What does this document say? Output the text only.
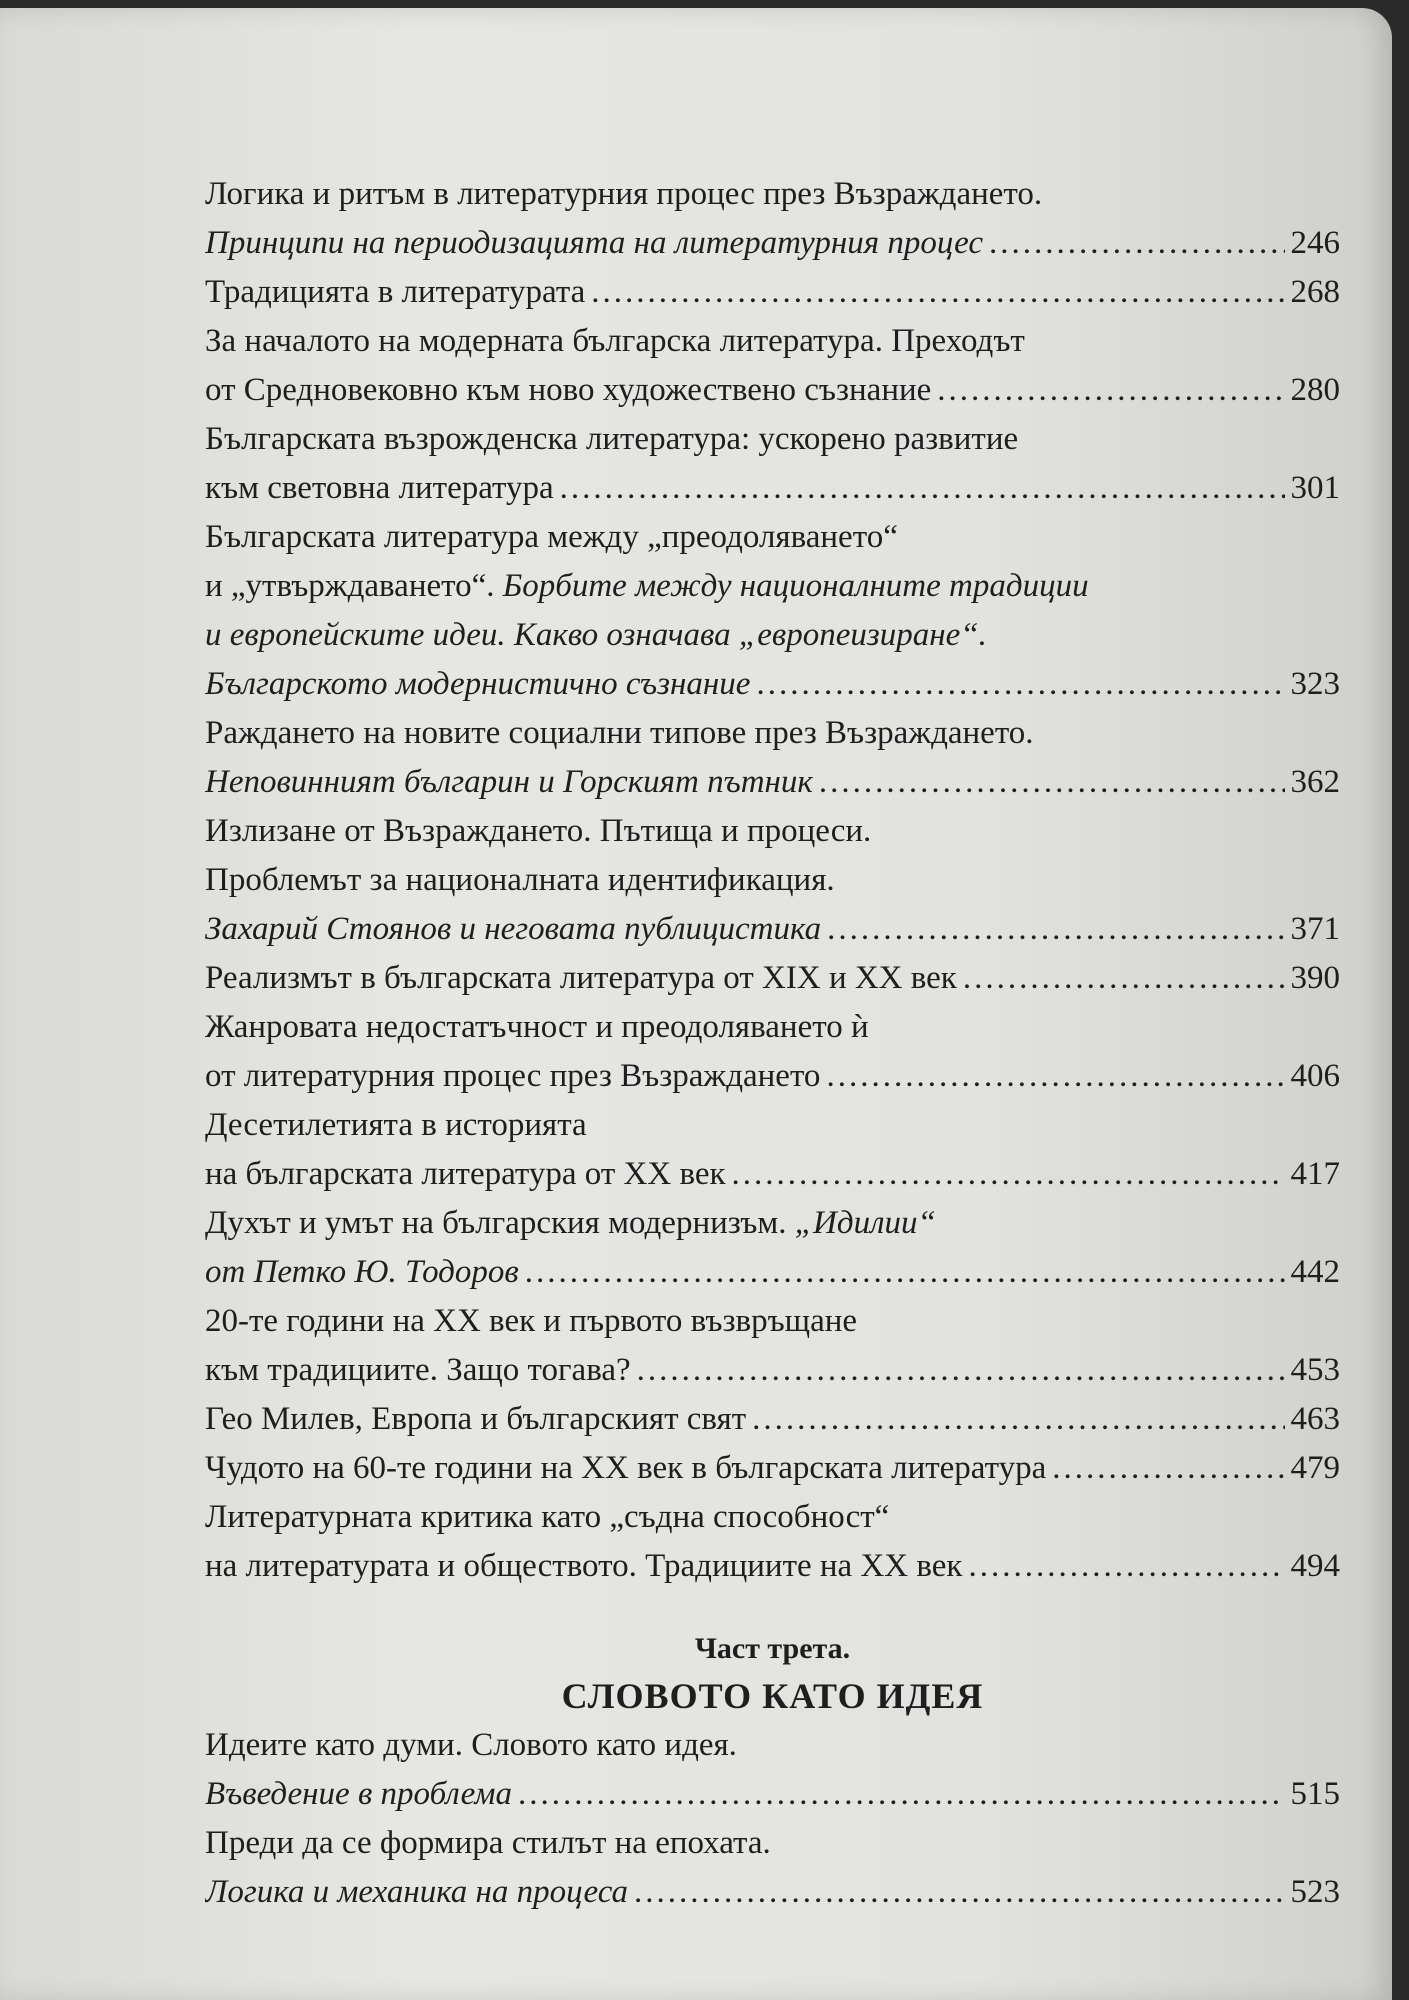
Логика и ритъм в литературния процес през Възраждането.
Принципи на периодизацията на литературния процес .....	246
Традицията в литературата .....	268
За началото на модерната българска литература. Преходът
от Средновековно към ново художествено съзнание .....	280
Българската възрожденска литература: ускорено развитие
към световна литература .....	301
Българската литература между „преодоляването“
и „утвърждаването“. Борбите между националните традиции
и европейските идеи. Какво означава „европеизиране“.
Българското модернистично съзнание .....	323
Раждането на новите социални типове през Възраждането.
Неповинният българин и Горският пътник .....	362
Излизане от Възраждането. Пътища и процеси.
Проблемът за националната идентификация.
Захарий Стоянов и неговата публицистика .....	371
Реализмът в българската литература от XIX и XX век .....	390
Жанровата недостатъчност и преодоляването ѝ
от литературния процес през Възраждането .....	406
Десетилетията в историята
на българската литература от XX век .....	417
Духът и умът на българския модернизъм. „Идилии“
от Петко Ю. Тодоров .....	442
20-те години на XX век и първото възвръщане
към традициите. Защо тогава? .....	453
Гео Милев, Европа и българският свят .....	463
Чудото на 60-те години на XX век в българската литература .....	479
Литературната критика като „съдна способност“
на литературата и обществото. Традициите на XX век .....	494
Част трета.
СЛОВОТО КАТО ИДЕЯ
Идеите като думи. Словото като идея.
Въведение в проблема .....	515
Преди да се формира стилът на епохата.
Логика и механика на процеса .....	523
